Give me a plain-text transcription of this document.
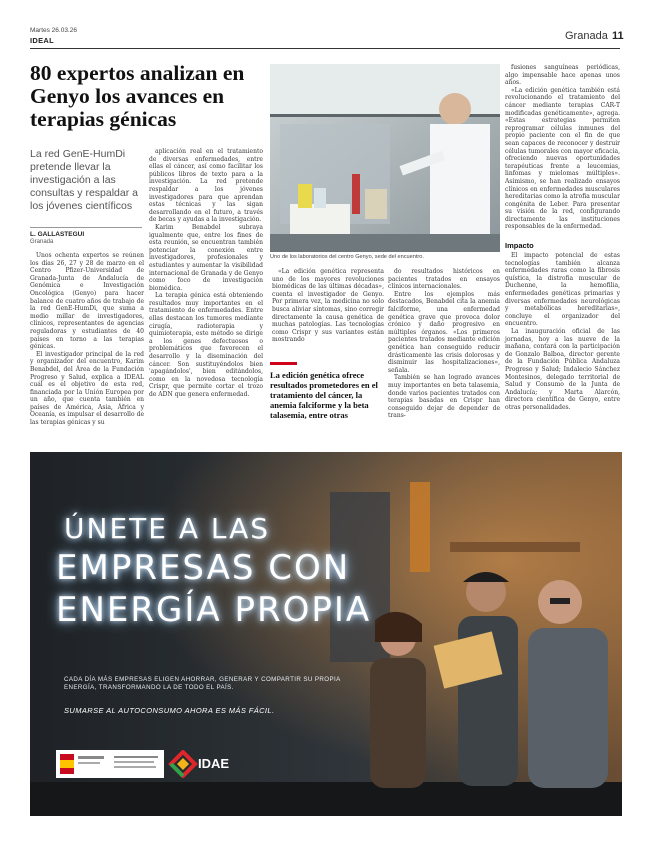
Martes 26.03.26
IDEAL	Granada 11
80 expertos analizan en Genyo los avances en terapias génicas
La red GenE-HumDi pretende llevar la investigación a las consultas y respaldar a los jóvenes científicos
L. GALLASTEGUI
Granada

Unos ochenta expertos se reúnen los días 26, 27 y 28 de marzo en el Centro Pfizer-Universidad de Granada-Junta de Andalucía de Genómica e Investigación Oncológica (Genyo) para hacer balance de cuatro años de trabajo de la red GenE-HumDi, que suma a medio millar de investigadores, clínicos, representantes de agencias reguladoras y estudiantes de 40 países en torno a las terapias génicas.

El investigador principal de la red y organizador del encuentro, Karim Benabdel, del Área de la Fundación Progreso y Salud, explica a IDEAL cuál es el objetivo de esta red, financiada por la Unión Europea por un año, que cuenta también en países de América, Asia, África y Oceanía, es impulsar el desarrollo de las terapias génicas y su

aplicación real en el tratamiento de diversas enfermedades, entre ellas el cáncer, así como facilitar los públicos libros de texto para a la investigación. La red pretende respaldar a los jóvenes investigadores para que aprendan estas técnicas y las sigan desarrollando en el futuro, a través de becas y ayudas a la investigación.

Karim Benabdel subraya igualmente que, entre los fines de esta reunión, se encuentran también potenciar la conexión entre investigadores, profesionales y estudiantes y aumentar la visibilidad internacional de Granada y de Genyo como foco de investigación biomédica.

La terapia génica está obteniendo resultados muy importantes en el tratamiento de enfermedades. Entre ellas destacan los tumores mediante cirugía, radioterapia y quimioterapia, este método se dirige a los genes defectuosos o problemáticos que favorecen el desarrollo y la diseminación del cáncer. Son sustituyéndolos bien 'apagándolos', bien editándolos, como en la novedosa tecnología Crispr, que permite cortar el trozo de ADN que genera enfermedad.

Uno de los laboratorios del centro Genyo, sede del encuentro.

«La edición genética representa uno de los mayores revoluciones biomédicas de las últimas décadas», cuenta el investigador de Genyo. Por primera vez, la medicina no solo busca aliviar síntomas, sino corregir directamente la causa genética de muchas patologías. Las tecnologías como Crispr y sus variantes están mostrando

La edición genética ofrece resultados prometedores en el tratamiento del cáncer, la anemia falciforme y la beta talasemia, entre otras

do resultados históricos en pacientes tratados en ensayos clínicos internacionales.

Entre los ejemplos más destacados, Benabdel cita la anemia falciforme, una enfermedad genética grave que provoca dolor crónico y daño progresivo en múltiples órganos. «Los primeros pacientes tratados mediante edición genética han conseguido reducir drásticamente las crisis dolorosas y disminuir las hospitalizaciones», señala.

También se han logrado avances muy importantes en beta talasemia, donde varios pacientes tratados con terapias basadas en Crispr han conseguido dejar de depender de trans-

fusiones sanguíneas periódicas, algo impensable hace apenas unos años.

«La edición genética también está revolucionando el tratamiento del cáncer mediante terapias CAR-T modificadas genéticamente», agrega. «Estas estrategias permiten reprogramar células inmunes del propio paciente con el fin de que sean capaces de reconocer y destruir células tumorales con mayor eficacia, ofreciendo nuevas oportunidades terapéuticas frente a leucemias, linfomas y mielomas múltiples». Asimismo, se han realizado ensayos clínicos en enfermedades musculares hereditarias como la atrofia muscular congénita de Leber. Para presentar su visión de la red, configurando directamente las instituciones responsables de la enfermedad.

Impacto

El impacto potencial de estas tecnologías también alcanza enfermedades raras como la fibrosis quística, la distrofia muscular de Duchenne, la hemofilia, enfermedades genéticas primarias y diversas enfermedades neurológicas y metabólicas hereditarias», concluye el organizador del encuentro.

La inauguración oficial de las jornadas, hoy a las nueve de la mañana, contará con la participación de Gonzalo Balboa, director gerente de la Fundación Pública Andaluza Progreso y Salud; Indalecio Sánchez Montesinos, delegado territorial de Salud y Consumo de la Junta de Andalucía; y Marta Alarcón, directora científica de Genyo, entre otras personalidades.

ÚNETE A LAS
EMPRESAS CON
ENERGÍA PROPIA
CADA DÍA MÁS EMPRESAS ELIGEN AHORRAR, GENERAR Y COMPARTIR SU PROPIA ENERGÍA, TRANSFORMANDO LA DE TODO EL PAÍS.
SUMARSE AL AUTOCONSUMO AHORA ES MÁS FÁCIL.
IDAE
